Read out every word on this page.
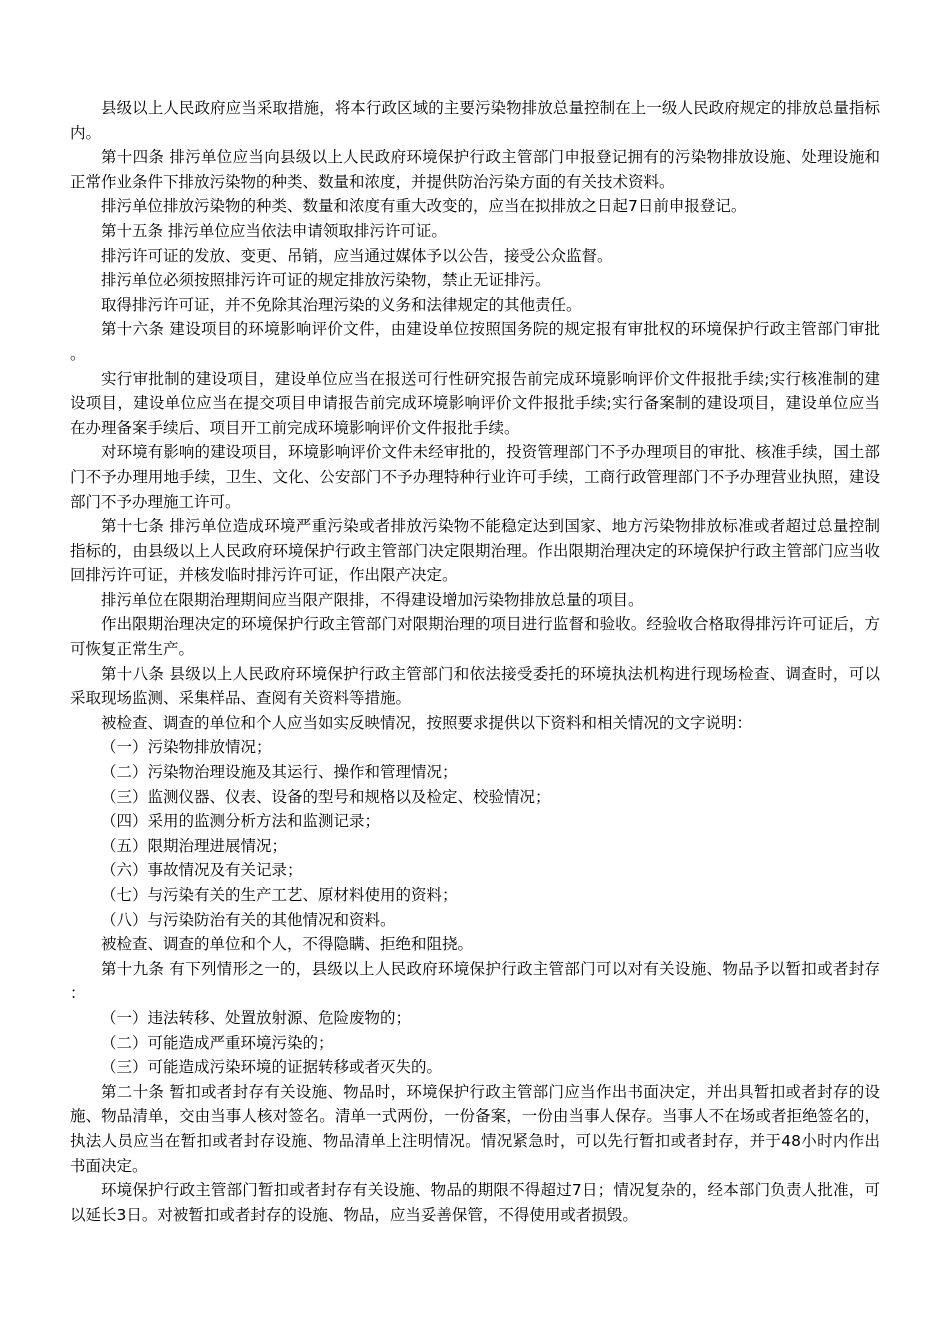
县级以上人民政府应当采取措施，将本行政区域的主要污染物排放总量控制在上一级人民政府规定的排放总量指标内。

第十四条 排污单位应当向县级以上人民政府环境保护行政主管部门申报登记拥有的污染物排放设施、处理设施和正常作业条件下排放污染物的种类、数量和浓度，并提供防治污染方面的有关技术资料。

排污单位排放污染物的种类、数量和浓度有重大改变的，应当在拟排放之日起7日前申报登记。

第十五条 排污单位应当依法申请领取排污许可证。

排污许可证的发放、变更、吊销，应当通过媒体予以公告，接受公众监督。

排污单位必须按照排污许可证的规定排放污染物，禁止无证排污。

取得排污许可证，并不免除其治理污染的义务和法律规定的其他责任。

第十六条 建设项目的环境影响评价文件，由建设单位按照国务院的规定报有审批权的环境保护行政主管部门审批。

实行审批制的建设项目，建设单位应当在报送可行性研究报告前完成环境影响评价文件报批手续;实行核准制的建设项目，建设单位应当在提交项目申请报告前完成环境影响评价文件报批手续;实行备案制的建设项目，建设单位应当在办理备案手续后、项目开工前完成环境影响评价文件报批手续。

对环境有影响的建设项目，环境影响评价文件未经审批的，投资管理部门不予办理项目的审批、核准手续，国土部门不予办理用地手续，卫生、文化、公安部门不予办理特种行业许可手续，工商行政管理部门不予办理营业执照，建设部门不予办理施工许可。

第十七条 排污单位造成环境严重污染或者排放污染物不能稳定达到国家、地方污染物排放标准或者超过总量控制指标的，由县级以上人民政府环境保护行政主管部门决定限期治理。作出限期治理决定的环境保护行政主管部门应当收回排污许可证，并核发临时排污许可证，作出限产决定。

排污单位在限期治理期间应当限产限排，不得建设增加污染物排放总量的项目。

作出限期治理决定的环境保护行政主管部门对限期治理的项目进行监督和验收。经验收合格取得排污许可证后，方可恢复正常生产。

第十八条 县级以上人民政府环境保护行政主管部门和依法接受委托的环境执法机构进行现场检查、调查时，可以采取现场监测、采集样品、查阅有关资料等措施。

被检查、调查的单位和个人应当如实反映情况，按照要求提供以下资料和相关情况的文字说明：

（一）污染物排放情况；

（二）污染物治理设施及其运行、操作和管理情况；

（三）监测仪器、仪表、设备的型号和规格以及检定、校验情况；

（四）采用的监测分析方法和监测记录；

（五）限期治理进展情况；

（六）事故情况及有关记录；

（七）与污染有关的生产工艺、原材料使用的资料；

（八）与污染防治有关的其他情况和资料。

被检查、调查的单位和个人，不得隐瞒、拒绝和阻挠。

第十九条 有下列情形之一的，县级以上人民政府环境保护行政主管部门可以对有关设施、物品予以暂扣或者封存：

（一）违法转移、处置放射源、危险废物的；

（二）可能造成严重环境污染的；

（三）可能造成污染环境的证据转移或者灭失的。

第二十条 暂扣或者封存有关设施、物品时，环境保护行政主管部门应当作出书面决定，并出具暂扣或者封存的设施、物品清单，交由当事人核对签名。清单一式两份，一份备案，一份由当事人保存。当事人不在场或者拒绝签名的，执法人员应当在暂扣或者封存设施、物品清单上注明情况。情况紧急时，可以先行暂扣或者封存，并于48小时内作出书面决定。

环境保护行政主管部门暂扣或者封存有关设施、物品的期限不得超过7日；情况复杂的，经本部门负责人批准，可以延长3日。对被暂扣或者封存的设施、物品，应当妥善保管，不得使用或者损毁。
